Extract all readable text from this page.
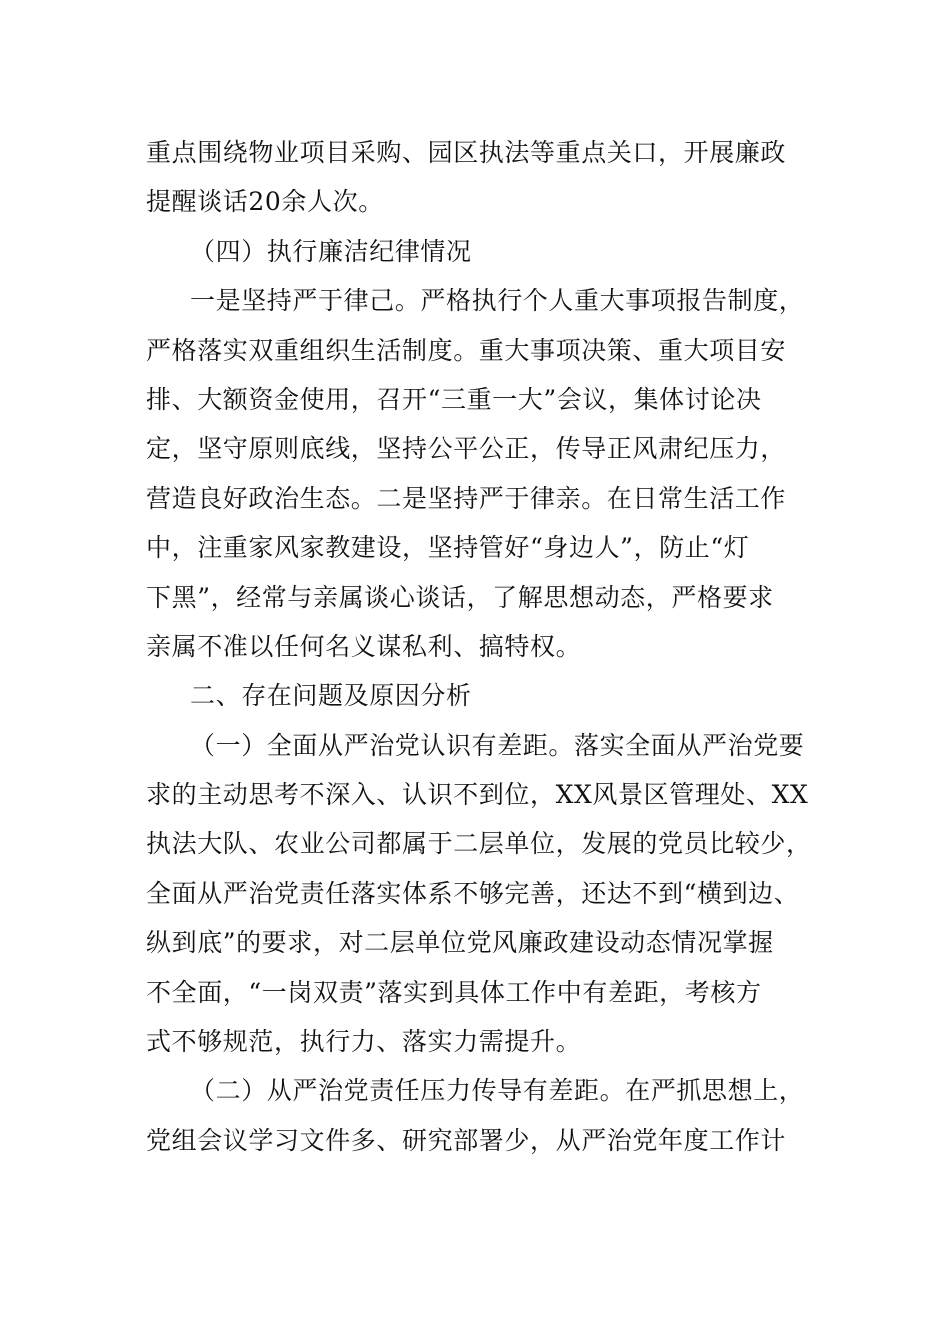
重点围绕物业项目采购、园区执法等重点关口，开展廉政
提醒谈话20余人次。
（四）执行廉洁纪律情况
一是坚持严于律己。严格执行个人重大事项报告制度，
严格落实双重组织生活制度。重大事项决策、重大项目安
排、大额资金使用，召开“三重一大”会议，集体讨论决
定，坚守原则底线，坚持公平公正，传导正风肃纪压力，
营造良好政治生态。二是坚持严于律亲。在日常生活工作
中，注重家风家教建设，坚持管好“身边人”，防止“灯
下黑”，经常与亲属谈心谈话，了解思想动态，严格要求
亲属不准以任何名义谋私利、搞特权。
二、存在问题及原因分析
（一）全面从严治党认识有差距。落实全面从严治党要
求的主动思考不深入、认识不到位，XX风景区管理处、XX
执法大队、农业公司都属于二层单位，发展的党员比较少，
全面从严治党责任落实体系不够完善，还达不到“横到边、
纵到底”的要求，对二层单位党风廉政建设动态情况掌握
不全面，“一岗双责”落实到具体工作中有差距，考核方
式不够规范，执行力、落实力需提升。
（二）从严治党责任压力传导有差距。在严抓思想上，
党组会议学习文件多、研究部署少，从严治党年度工作计
